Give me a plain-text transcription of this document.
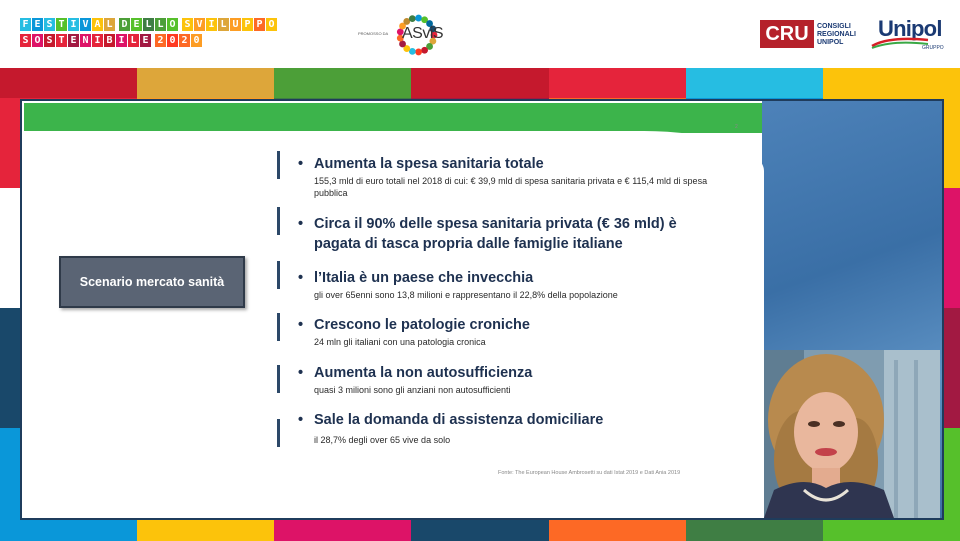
F E S T I V A L D E L L O S V I L U P P O
S O S T E N I B I L E 2 0 2 0
PROMOSSO DA ASviS	CRU	CONSIGLI
REGIONALI
UNIPOL
Unipol
GRUPPO
2
Scenario mercato sanità
• Aumenta la spesa sanitaria totale
155,3 mld di euro totali nel 2018 di cui: € 39,9 mld di spesa sanitaria privata e € 115,4 mld di spesa pubblica
• Circa il 90% delle spesa sanitaria privata (€ 36 mld) è pagata di tasca propria dalle famiglie italiane
• l’Italia è un paese che invecchia
gli over 65enni sono 13,8 milioni e rappresentano il 22,8% della popolazione
• Crescono le patologie croniche
24 mln gli italiani con una patologia cronica
• Aumenta la non autosufficienza
quasi 3 milioni sono gli anziani non autosufficienti
• Sale la domanda di assistenza domiciliare
il 28,7% degli over 65 vive da solo
Fonte: The European House Ambrosetti su dati Istat 2019 e Dati Ania 2019
UniSalute
